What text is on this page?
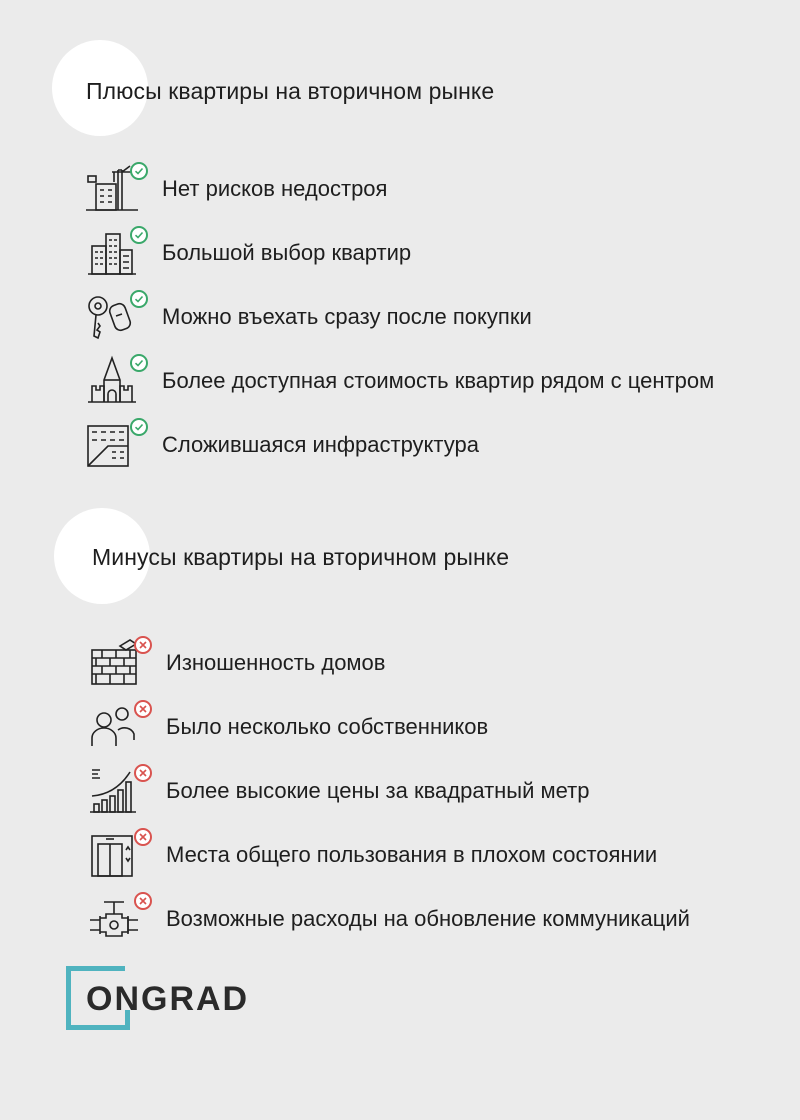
Плюсы квартиры на вторичном рынке
Нет рисков недостроя
Большой выбор квартир
Можно въехать сразу после покупки
Более доступная стоимость квартир рядом с центром
Сложившаяся инфраструктура
Минусы квартиры на вторичном рынке
Изношенность домов
Было несколько собственников
Более высокие цены за квадратный метр
Места общего пользования в плохом состоянии
Возможные расходы на обновление коммуникаций
ONGRAD
